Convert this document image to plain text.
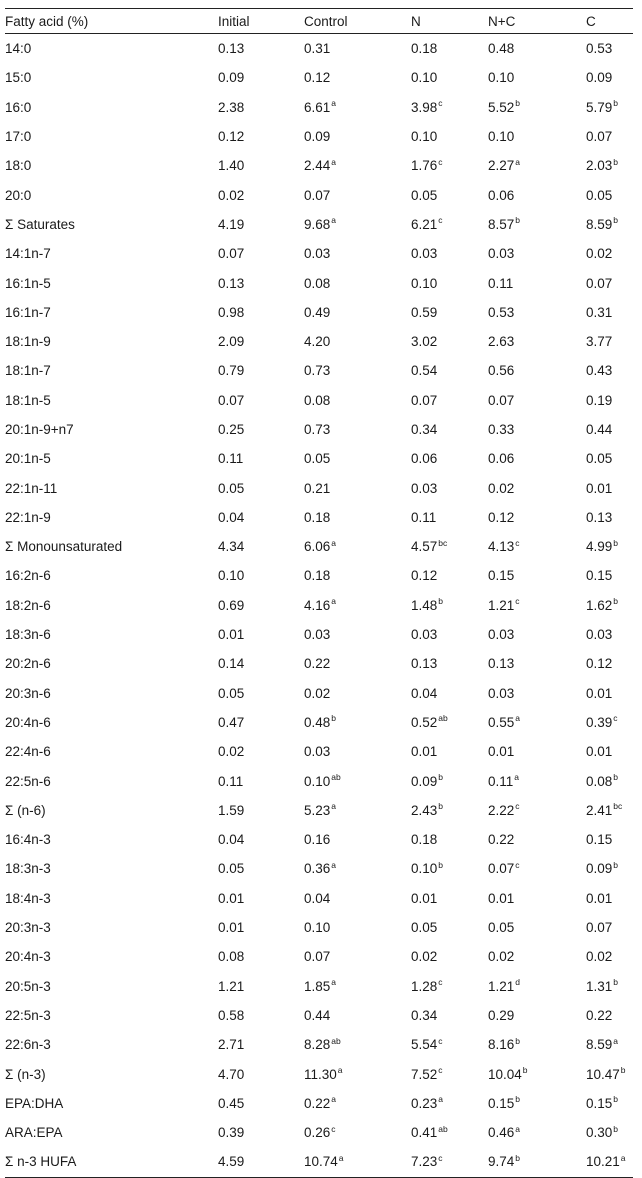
Fatty acid (%)	Initial	Control	N	N+C	C
14:0	0.13	0.31	0.18	0.48	0.53
15:0	0.09	0.12	0.10	0.10	0.09
16:0	2.38	6.61$^a$	3.98$^c$	5.52$^b$	5.79$^b$
17:0	0.12	0.09	0.10	0.10	0.07
18:0	1.40	2.44$^a$	1.76$^c$	2.27$^a$	2.03$^b$
20:0	0.02	0.07	0.05	0.06	0.05
Σ Saturates	4.19	9.68$^a$	6.21$^c$	8.57$^b$	8.59$^b$
14:1n-7	0.07	0.03	0.03	0.03	0.02
16:1n-5	0.13	0.08	0.10	0.11	0.07
16:1n-7	0.98	0.49	0.59	0.53	0.31
18:1n-9	2.09	4.20	3.02	2.63	3.77
18:1n-7	0.79	0.73	0.54	0.56	0.43
18:1n-5	0.07	0.08	0.07	0.07	0.19
20:1n-9+n7	0.25	0.73	0.34	0.33	0.44
20:1n-5	0.11	0.05	0.06	0.06	0.05
22:1n-11	0.05	0.21	0.03	0.02	0.01
22:1n-9	0.04	0.18	0.11	0.12	0.13
Σ Monounsaturated	4.34	6.06$^a$	4.57$^{bc}$	4.13$^c$	4.99$^b$
16:2n-6	0.10	0.18	0.12	0.15	0.15
18:2n-6	0.69	4.16$^a$	1.48$^b$	1.21$^c$	1.62$^b$
18:3n-6	0.01	0.03	0.03	0.03	0.03
20:2n-6	0.14	0.22	0.13	0.13	0.12
20:3n-6	0.05	0.02	0.04	0.03	0.01
20:4n-6	0.47	0.48$^b$	0.52$^{ab}$	0.55$^a$	0.39$^c$
22:4n-6	0.02	0.03	0.01	0.01	0.01
22:5n-6	0.11	0.10$^{ab}$	0.09$^b$	0.11$^a$	0.08$^b$
Σ (n-6)	1.59	5.23$^a$	2.43$^b$	2.22$^c$	2.41$^{bc}$
16:4n-3	0.04	0.16	0.18	0.22	0.15
18:3n-3	0.05	0.36$^a$	0.10$^b$	0.07$^c$	0.09$^b$
18:4n-3	0.01	0.04	0.01	0.01	0.01
20:3n-3	0.01	0.10	0.05	0.05	0.07
20:4n-3	0.08	0.07	0.02	0.02	0.02
20:5n-3	1.21	1.85$^a$	1.28$^c$	1.21$^d$	1.31$^b$
22:5n-3	0.58	0.44	0.34	0.29	0.22
22:6n-3	2.71	8.28$^{ab}$	5.54$^c$	8.16$^b$	8.59$^a$
Σ (n-3)	4.70	11.30$^a$	7.52$^c$	10.04$^b$	10.47$^b$
EPA:DHA	0.45	0.22$^a$	0.23$^a$	0.15$^b$	0.15$^b$
ARA:EPA	0.39	0.26$^c$	0.41$^{ab}$	0.46$^a$	0.30$^b$
Σ n-3 HUFA	4.59	10.74$^a$	7.23$^c$	9.74$^b$	10.21$^a$
